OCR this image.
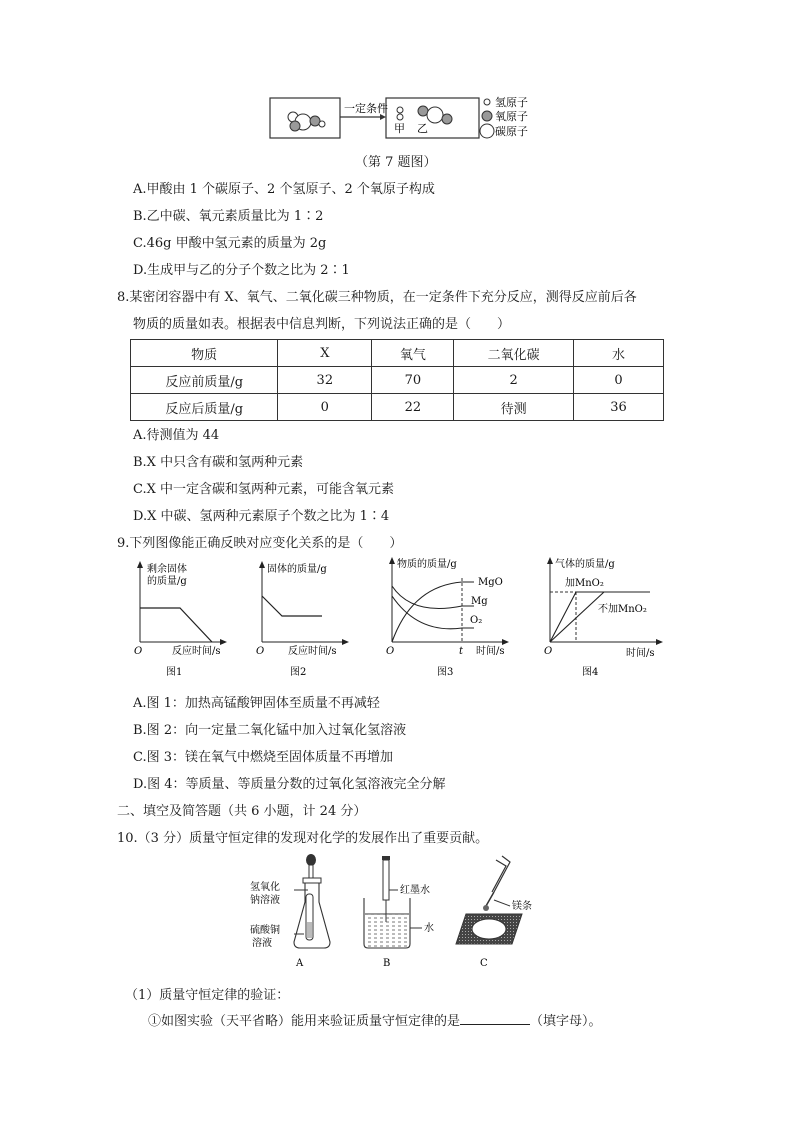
一定条件
甲 乙
氢原子
氧原子
碳原子
（第 7 题图）
A.甲酸由 1 个碳原子、2 个氢原子、2 个氧原子构成
B.乙中碳、氧元素质量比为 1∶2
C.46g 甲酸中氢元素的质量为 2g
D.生成甲与乙的分子个数之比为 2∶1
8.某密闭容器中有 X、氧气、二氧化碳三种物质，在一定条件下充分反应，测得反应前后各
物质的质量如表。根据表中信息判断，下列说法正确的是（　　）
物质	X	氧气	二氧化碳	水
反应前质量/g	32	70	2	0
反应后质量/g	0	22	待测	36
A.待测值为 44
B.X 中只含有碳和氢两种元素
C.X 中一定含碳和氢两种元素，可能含氧元素
D.X 中碳、氢两种元素原子个数之比为 1∶4
9.下列图像能正确反映对应变化关系的是（　　）
剩余固体
的质量/g
O	反应时间/s
图1
固体的质量/g
O 反应时间/s
图2
物质的质量/g
MgO
Mg
O₂
O	t 时间/s
图3
气体的质量/g
加MnO₂
不加MnO₂
O	时间/s
图4
A.图 1：加热高锰酸钾固体至质量不再减轻
B.图 2：向一定量二氧化锰中加入过氧化氢溶液
C.图 3：镁在氧气中燃烧至固体质量不再增加
D.图 4：等质量、等质量分数的过氧化氢溶液完全分解
二、填空及简答题（共 6 小题，计 24 分）
10.（3 分）质量守恒定律的发现对化学的发展作出了重要贡献。
氢氧化
钠溶液
硫酸铜
溶液
A
红墨水
水
B
镁条
C
（1）质量守恒定律的验证：
①如图实验（天平省略）能用来验证质量守恒定律的是	（填字母）。
